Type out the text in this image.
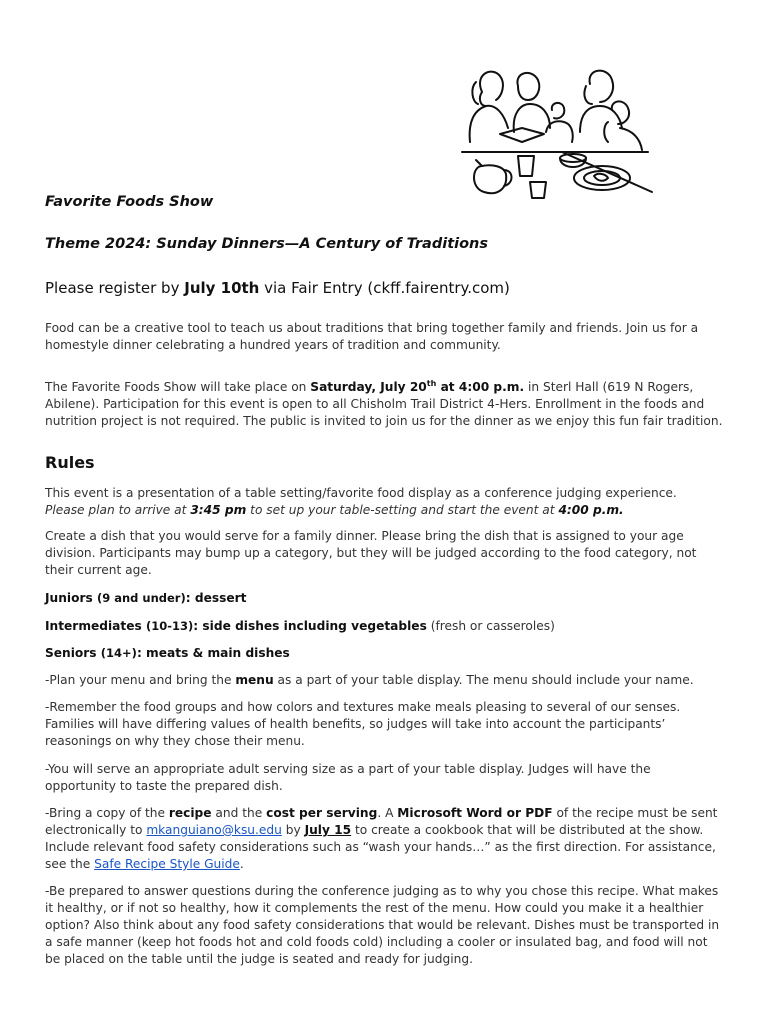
Favorite Foods Show
Theme 2024: Sunday Dinners—A Century of Traditions
Please register by July 10th via Fair Entry (ckff.fairentry.com)
Food can be a creative tool to teach us about traditions that bring together family and friends. Join us for a homestyle dinner celebrating a hundred years of tradition and community.
The Favorite Foods Show will take place on Saturday, July 20th at 4:00 p.m. in Sterl Hall (619 N Rogers, Abilene). Participation for this event is open to all Chisholm Trail District 4-Hers. Enrollment in the foods and nutrition project is not required. The public is invited to join us for the dinner as we enjoy this fun fair tradition.
Rules
This event is a presentation of a table setting/favorite food display as a conference judging experience.
Please plan to arrive at 3:45 pm to set up your table-setting and start the event at 4:00 p.m.
Create a dish that you would serve for a family dinner. Please bring the dish that is assigned to your age division. Participants may bump up a category, but they will be judged according to the food category, not their current age.
Juniors (9 and under): dessert
Intermediates (10-13): side dishes including vegetables (fresh or casseroles)
Seniors (14+): meats & main dishes
-Plan your menu and bring the menu as a part of your table display. The menu should include your name.
-Remember the food groups and how colors and textures make meals pleasing to several of our senses. Families will have differing values of health benefits, so judges will take into account the participants’ reasonings on why they chose their menu.
-You will serve an appropriate adult serving size as a part of your table display. Judges will have the opportunity to taste the prepared dish.
-Bring a copy of the recipe and the cost per serving. A Microsoft Word or PDF of the recipe must be sent electronically to mkanguiano@ksu.edu by July 15 to create a cookbook that will be distributed at the show. Include relevant food safety considerations such as “wash your hands…” as the first direction. For assistance, see the Safe Recipe Style Guide.
-Be prepared to answer questions during the conference judging as to why you chose this recipe. What makes it healthy, or if not so healthy, how it complements the rest of the menu. How could you make it a healthier option? Also think about any food safety considerations that would be relevant. Dishes must be transported in a safe manner (keep hot foods hot and cold foods cold) including a cooler or insulated bag, and food will not be placed on the table until the judge is seated and ready for judging.
